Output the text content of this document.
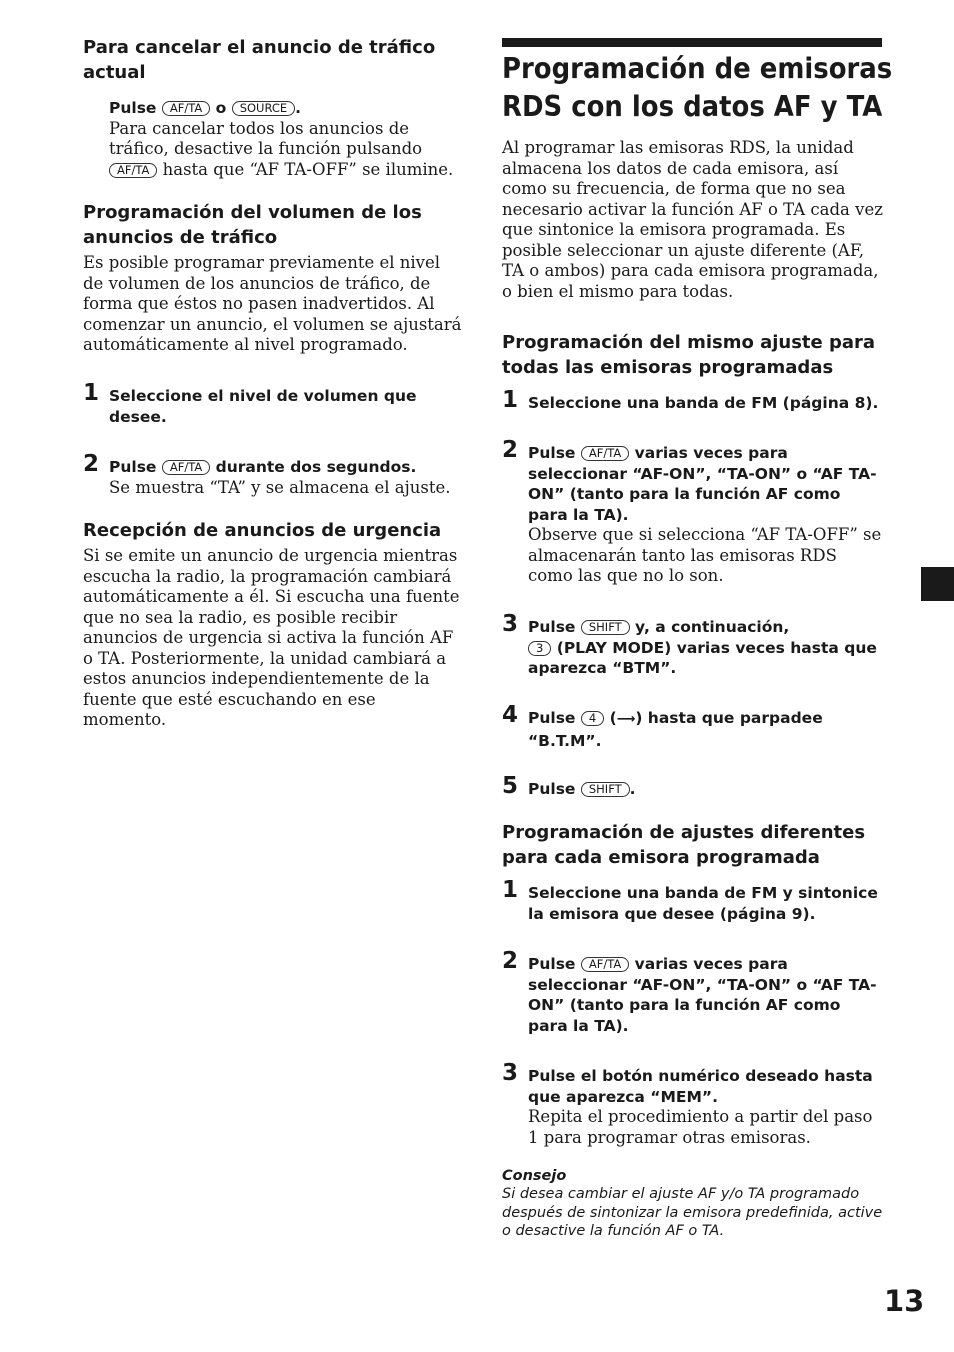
Para cancelar el anuncio de tráfico actual
Pulse AF/TA o SOURCE .
Para cancelar todos los anuncios de tráfico, desactive la función pulsando AF/TA hasta que “AF TA-OFF” se ilumine.
Programación del volumen de los anuncios de tráfico
Es posible programar previamente el nivel de volumen de los anuncios de tráfico, de forma que éstos no pasen inadvertidos. Al comenzar un anuncio, el volumen se ajustará automáticamente al nivel programado.
1 Seleccione el nivel de volumen que desee.
2 Pulse AF/TA durante dos segundos.
Se muestra “TA” y se almacena el ajuste.
Recepción de anuncios de urgencia
Si se emite un anuncio de urgencia mientras escucha la radio, la programación cambiará automáticamente a él. Si escucha una fuente que no sea la radio, es posible recibir anuncios de urgencia si activa la función AF o TA. Posteriormente, la unidad cambiará a estos anuncios independientemente de la fuente que esté escuchando en ese momento.
Programación de emisoras
RDS con los datos AF y TA
Al programar las emisoras RDS, la unidad almacena los datos de cada emisora, así como su frecuencia, de forma que no sea necesario activar la función AF o TA cada vez que sintonice la emisora programada. Es posible seleccionar un ajuste diferente (AF, TA o ambos) para cada emisora programada, o bien el mismo para todas.
Programación del mismo ajuste para todas las emisoras programadas
1 Seleccione una banda de FM (página 8).
2 Pulse AF/TA varias veces para seleccionar “AF-ON”, “TA-ON” o “AF TA-ON” (tanto para la función AF como para la TA).
Observe que si selecciona “AF TA-OFF” se almacenarán tanto las emisoras RDS como las que no lo son.
3 Pulse SHIFT y, a continuación,
3 (PLAY MODE) varias veces hasta que aparezca “BTM”.
4 Pulse 4 (⟶) hasta que parpadee “B.T.M”.
5 Pulse SHIFT .
Programación de ajustes diferentes para cada emisora programada
1 Seleccione una banda de FM y sintonice la emisora que desee (página 9).
2 Pulse AF/TA varias veces para seleccionar “AF-ON”, “TA-ON” o “AF TA-ON” (tanto para la función AF como para la TA).
3 Pulse el botón numérico deseado hasta que aparezca “MEM”.
Repita el procedimiento a partir del paso 1 para programar otras emisoras.
Consejo
Si desea cambiar el ajuste AF y/o TA programado después de sintonizar la emisora predefinida, active o desactive la función AF o TA.
13
